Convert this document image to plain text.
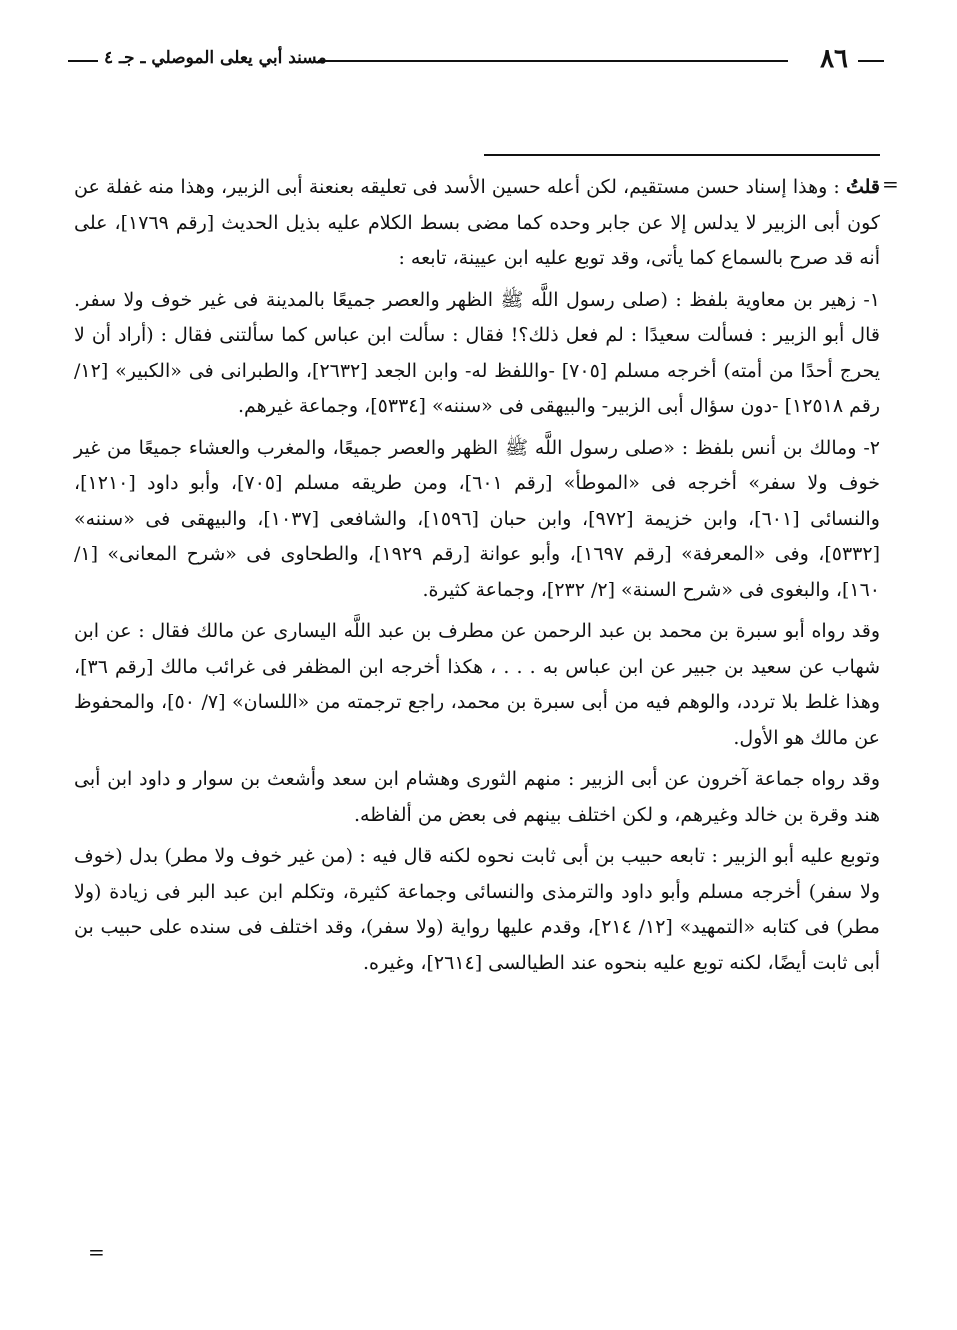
٨٦
مسند أبي يعلى الموصلي ـ جـ ٤
=

قلتُ : وهذا إسناد حسن مستقيم، لكن أعله حسين الأسد فى تعليقه بعنعنة أبى الزبير، وهذا منه غفلة عن كون أبى الزبير لا يدلس إلا عن جابر وحده كما مضى بسط الكلام عليه بذيل الحديث [رقم ١٧٦٩]، على أنه قد صرح بالسماع كما يأتى، وقد توبع عليه ابن عيينة، تابعه :

١- زهير بن معاوية بلفظ : (صلى رسول اللَّه ﷺ الظهر والعصر جميعًا بالمدينة فى غير خوف ولا سفر. قال أبو الزبير : فسألت سعيدًا : لم فعل ذلك؟! فقال : سألت ابن عباس كما سألتنى فقال : (أراد أن لا يحرج أحدًا من أمته) أخرجه مسلم [٧٠٥] -واللفظ له- وابن الجعد [٢٦٣٢]، والطبرانى فى «الكبير» [١٢/ رقم ١٢٥١٨] -دون سؤال أبى الزبير- والبيهقى فى «سننه» [٥٣٣٤]، وجماعة غيرهم.

٢- ومالك بن أنس بلفظ : «صلى رسول اللَّه ﷺ الظهر والعصر جميعًا، والمغرب والعشاء جميعًا من غير خوف ولا سفر» أخرجه فى «الموطأ» [رقم ٦٠١]، ومن طريقه مسلم [٧٠٥]، وأبو داود [١٢١٠]، والنسائى [٦٠١]، وابن خزيمة [٩٧٢]، وابن حبان [١٥٩٦]، والشافعى [١٠٣٧]، والبيهقى فى «سننه» [٥٣٣٢]، وفى «المعرفة» [رقم ١٦٩٧]، وأبو عوانة [رقم ١٩٢٩]، والطحاوى فى «شرح المعانى» [١/ ١٦٠]، والبغوى فى «شرح السنة» [٢/ ٢٣٢]، وجماعة كثيرة.

وقد رواه أبو سبرة بن محمد بن عبد الرحمن عن مطرف بن عبد اللَّه اليسارى عن مالك فقال : عن ابن شهاب عن سعيد بن جبير عن ابن عباس به . . . ، هكذا أخرجه ابن المظفر فى غرائب مالك [رقم ٣٦]، وهذا غلط بلا تردد، والوهم فيه من أبى سبرة بن محمد، راجع ترجمته من «اللسان» [٧/ ٥٠]، والمحفوظ عن مالك هو الأول.

وقد رواه جماعة آخرون عن أبى الزبير : منهم الثورى وهشام ابن سعد وأشعث بن سوار و داود ابن أبى هند وقرة بن خالد وغيرهم، و لكن اختلف بينهم فى بعض من ألفاظه.

وتوبع عليه أبو الزبير : تابعه حبيب بن أبى ثابت نحوه لكنه قال فيه : (من غير خوف ولا مطر) بدل (خوف ولا سفر) أخرجه مسلم وأبو داود والترمذى والنسائى وجماعة كثيرة، وتكلم ابن عبد البر فى زيادة (ولا مطر) فى كتابه «التمهيد» [١٢/ ٢١٤]، وقدم عليها رواية (ولا سفر)، وقد اختلف فى سنده على حبيب بن أبى ثابت أيضًا، لكنه توبع عليه بنحوه عند الطيالسى [٢٦١٤]، وغيره.

=
